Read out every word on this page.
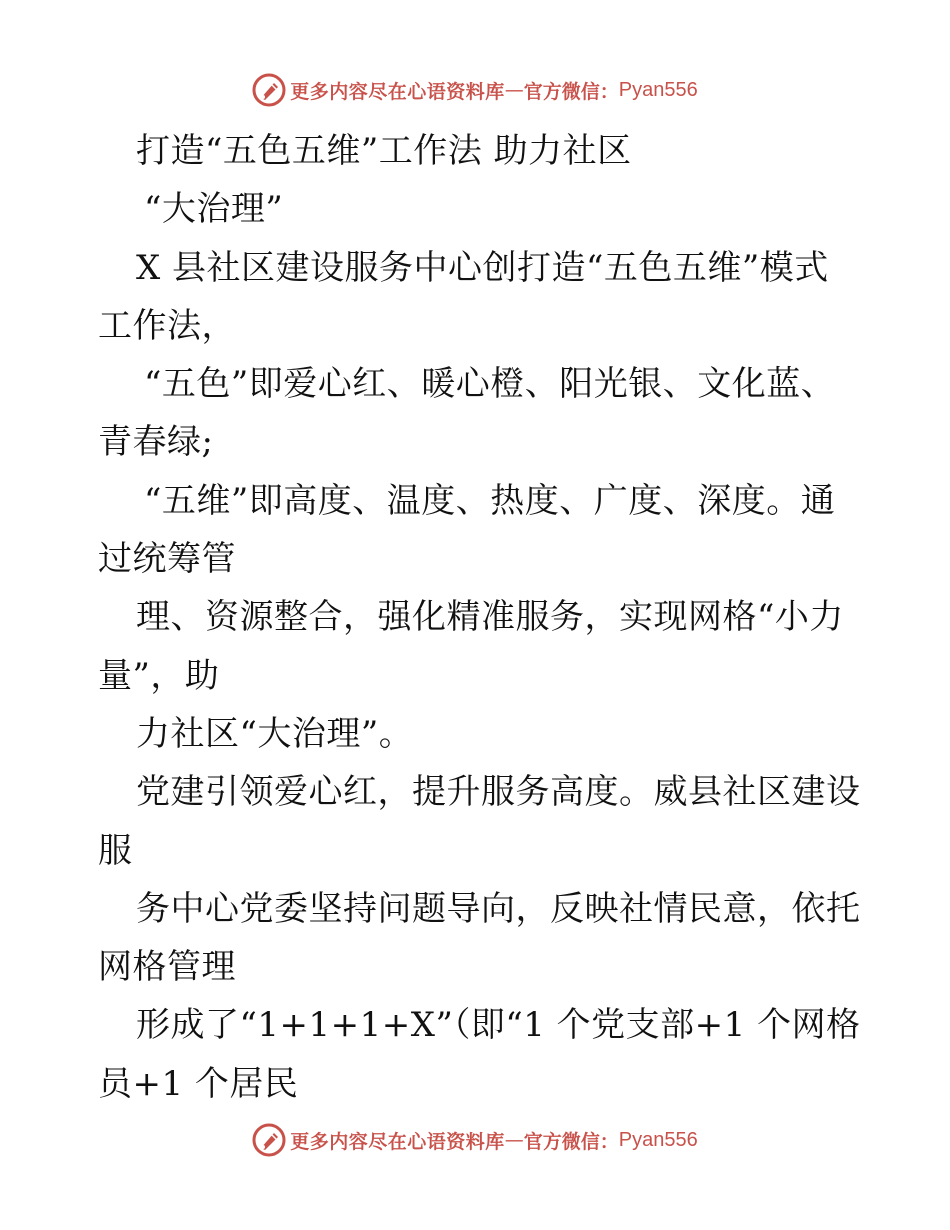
更多内容尽在心语资料库 — 官方微信： Pyan556
打造“五色五维”工作法 助力社区
“大治理”
X 县社区建设服务中心创打造“五色五维”模式
工作法，
“五色”即爱心红、暖心橙、阳光银、文化蓝、
青春绿;
“五维”即高度、温度、热度、广度、深度。通
过统筹管
理、资源整合，强化精准服务，实现网格“小力
量”，助
力社区“大治理”。
党建引领爱心红，提升服务高度。威县社区建设
服
务中心党委坚持问题导向，反映社情民意，依托
网格管理
形成了“1+1+1+X”（即“1 个党支部+1 个网格
员+1 个居民
更多内容尽在心语资料库 — 官方微信： Pyan556
